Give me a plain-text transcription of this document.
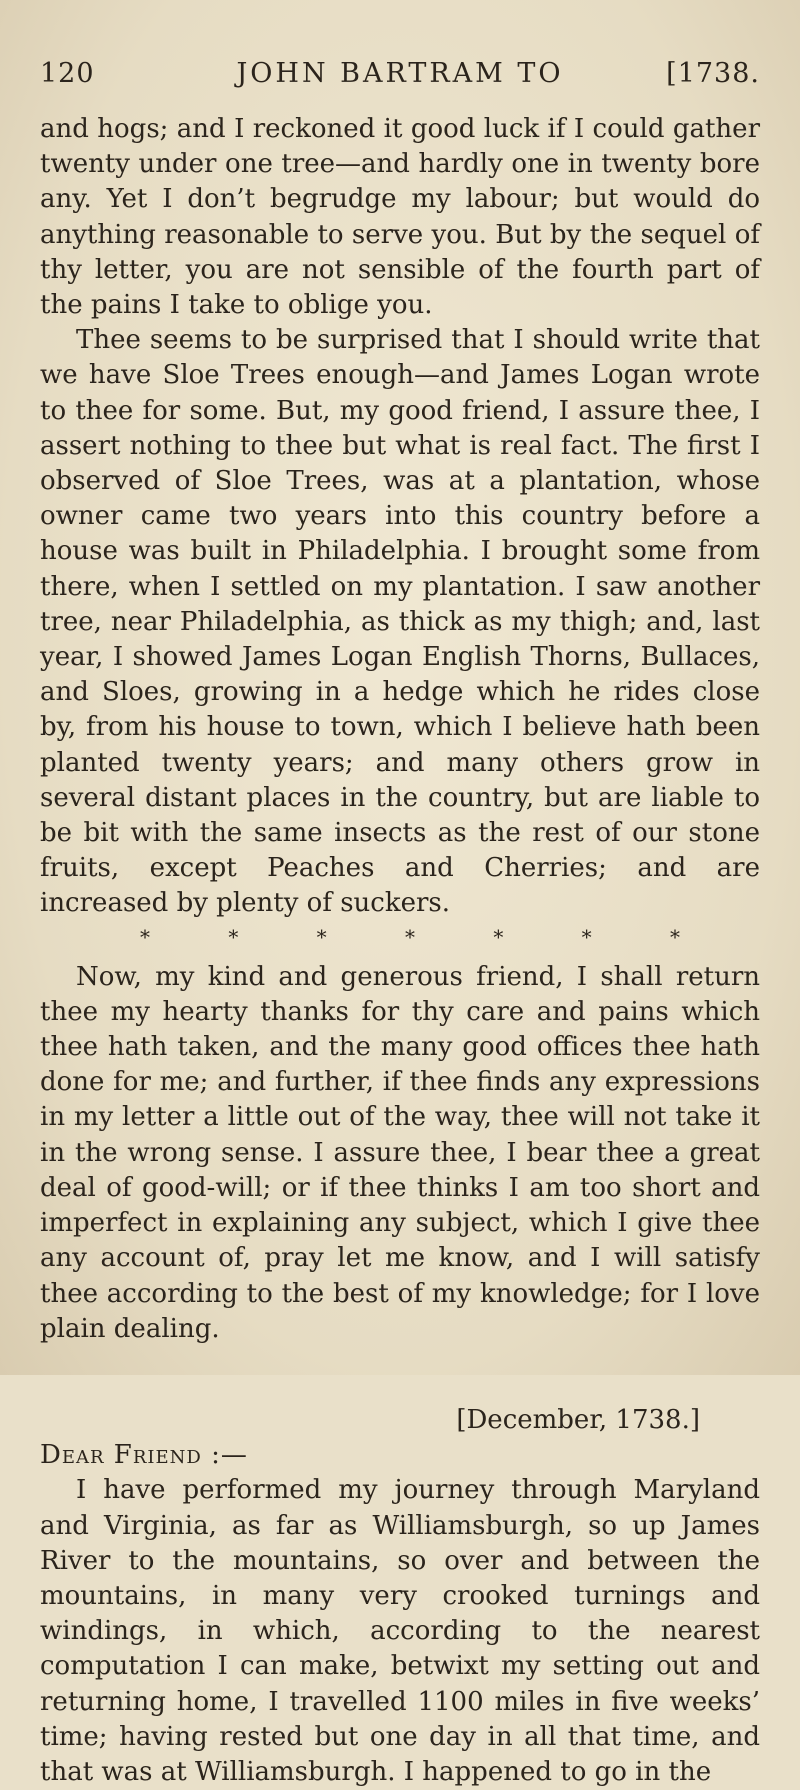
120	JOHN BARTRAM TO	[1738.

and hogs; and I reckoned it good luck if I could gather twenty under one tree—and hardly one in twenty bore any. Yet I don’t begrudge my labour; but would do anything reasonable to serve you. But by the sequel of thy letter, you are not sensible of the fourth part of the pains I take to oblige you.

Thee seems to be surprised that I should write that we have Sloe Trees enough—and James Logan wrote to thee for some. But, my good friend, I assure thee, I assert nothing to thee but what is real fact. The first I observed of Sloe Trees, was at a plantation, whose owner came two years into this country before a house was built in Philadelphia. I brought some from there, when I settled on my plantation. I saw another tree, near Philadelphia, as thick as my thigh; and, last year, I showed James Logan English Thorns, Bullaces, and Sloes, growing in a hedge which he rides close by, from his house to town, which I believe hath been planted twenty years; and many others grow in several distant places in the country, but are liable to be bit with the same insects as the rest of our stone fruits, except Peaches and Cherries; and are increased by plenty of suckers.

*	*	*	*	*	*	*

Now, my kind and generous friend, I shall return thee my hearty thanks for thy care and pains which thee hath taken, and the many good offices thee hath done for me; and further, if thee finds any expressions in my letter a little out of the way, thee will not take it in the wrong sense. I assure thee, I bear thee a great deal of good-will; or if thee thinks I am too short and imperfect in explaining any subject, which I give thee any account of, pray let me know, and I will satisfy thee according to the best of my knowledge; for I love plain dealing.

[December, 1738.]

Dear Friend :—

I have performed my journey through Maryland and Virginia, as far as Williamsburgh, so up James River to the mountains, so over and between the mountains, in many very crooked turnings and windings, in which, according to the nearest computation I can make, betwixt my setting out and returning home, I travelled 1100 miles in five weeks’ time; having rested but one day in all that time, and that was at Williamsburgh. I happened to go in the
